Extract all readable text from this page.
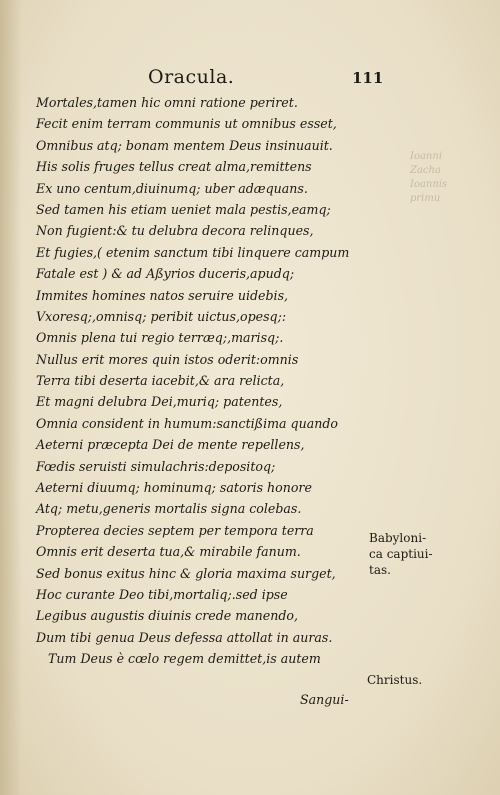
Ioanni
Zacha
Ioannis
primu
Oracula.	111
Mortales,tamen hic omni ratione periret.
Fecit enim terram communis ut omnibus esset,
Omnibus atq; bonam mentem Deus insinuauit.
His solis fruges tellus creat alma,remittens
Ex uno centum,diuinumq; uber adæquans.
Sed tamen his etiam ueniet mala pestis,eamq;
Non fugient:& tu delubra decora relinques,
Et fugies,( etenim sanctum tibi linquere campum
Fatale est ) & ad Aßyrios duceris,apudq;
Immites homines natos seruire uidebis,
Vxoresq;,omnisq; peribit uictus,opesq;:
Omnis plena tui regio terræq;,marisq;.
Nullus erit mores quin istos oderit:omnis
Terra tibi deserta iacebit,& ara relicta,
Et magni delubra Dei,muriq; patentes,
Omnia consident in humum:sanctißima quando
Aeterni præcepta Dei de mente repellens,
Fœdis seruisti simulachris:depositoq;
Aeterni diuumq; hominumq; satoris honore
Atq; metu,generis mortalis signa colebas.
Propterea decies septem per tempora terra
Omnis erit deserta tua,& mirabile fanum.
Sed bonus exitus hinc & gloria maxima surget,
Hoc curante Deo tibi,mortaliq;.sed ipse
Legibus augustis diuinis crede manendo,
Dum tibi genua Deus defessa attollat in auras.
Tum Deus è cœlo regem demittet,is autem
Sangui-
Babyloni-
ca captiui-
tas.
Christus.
